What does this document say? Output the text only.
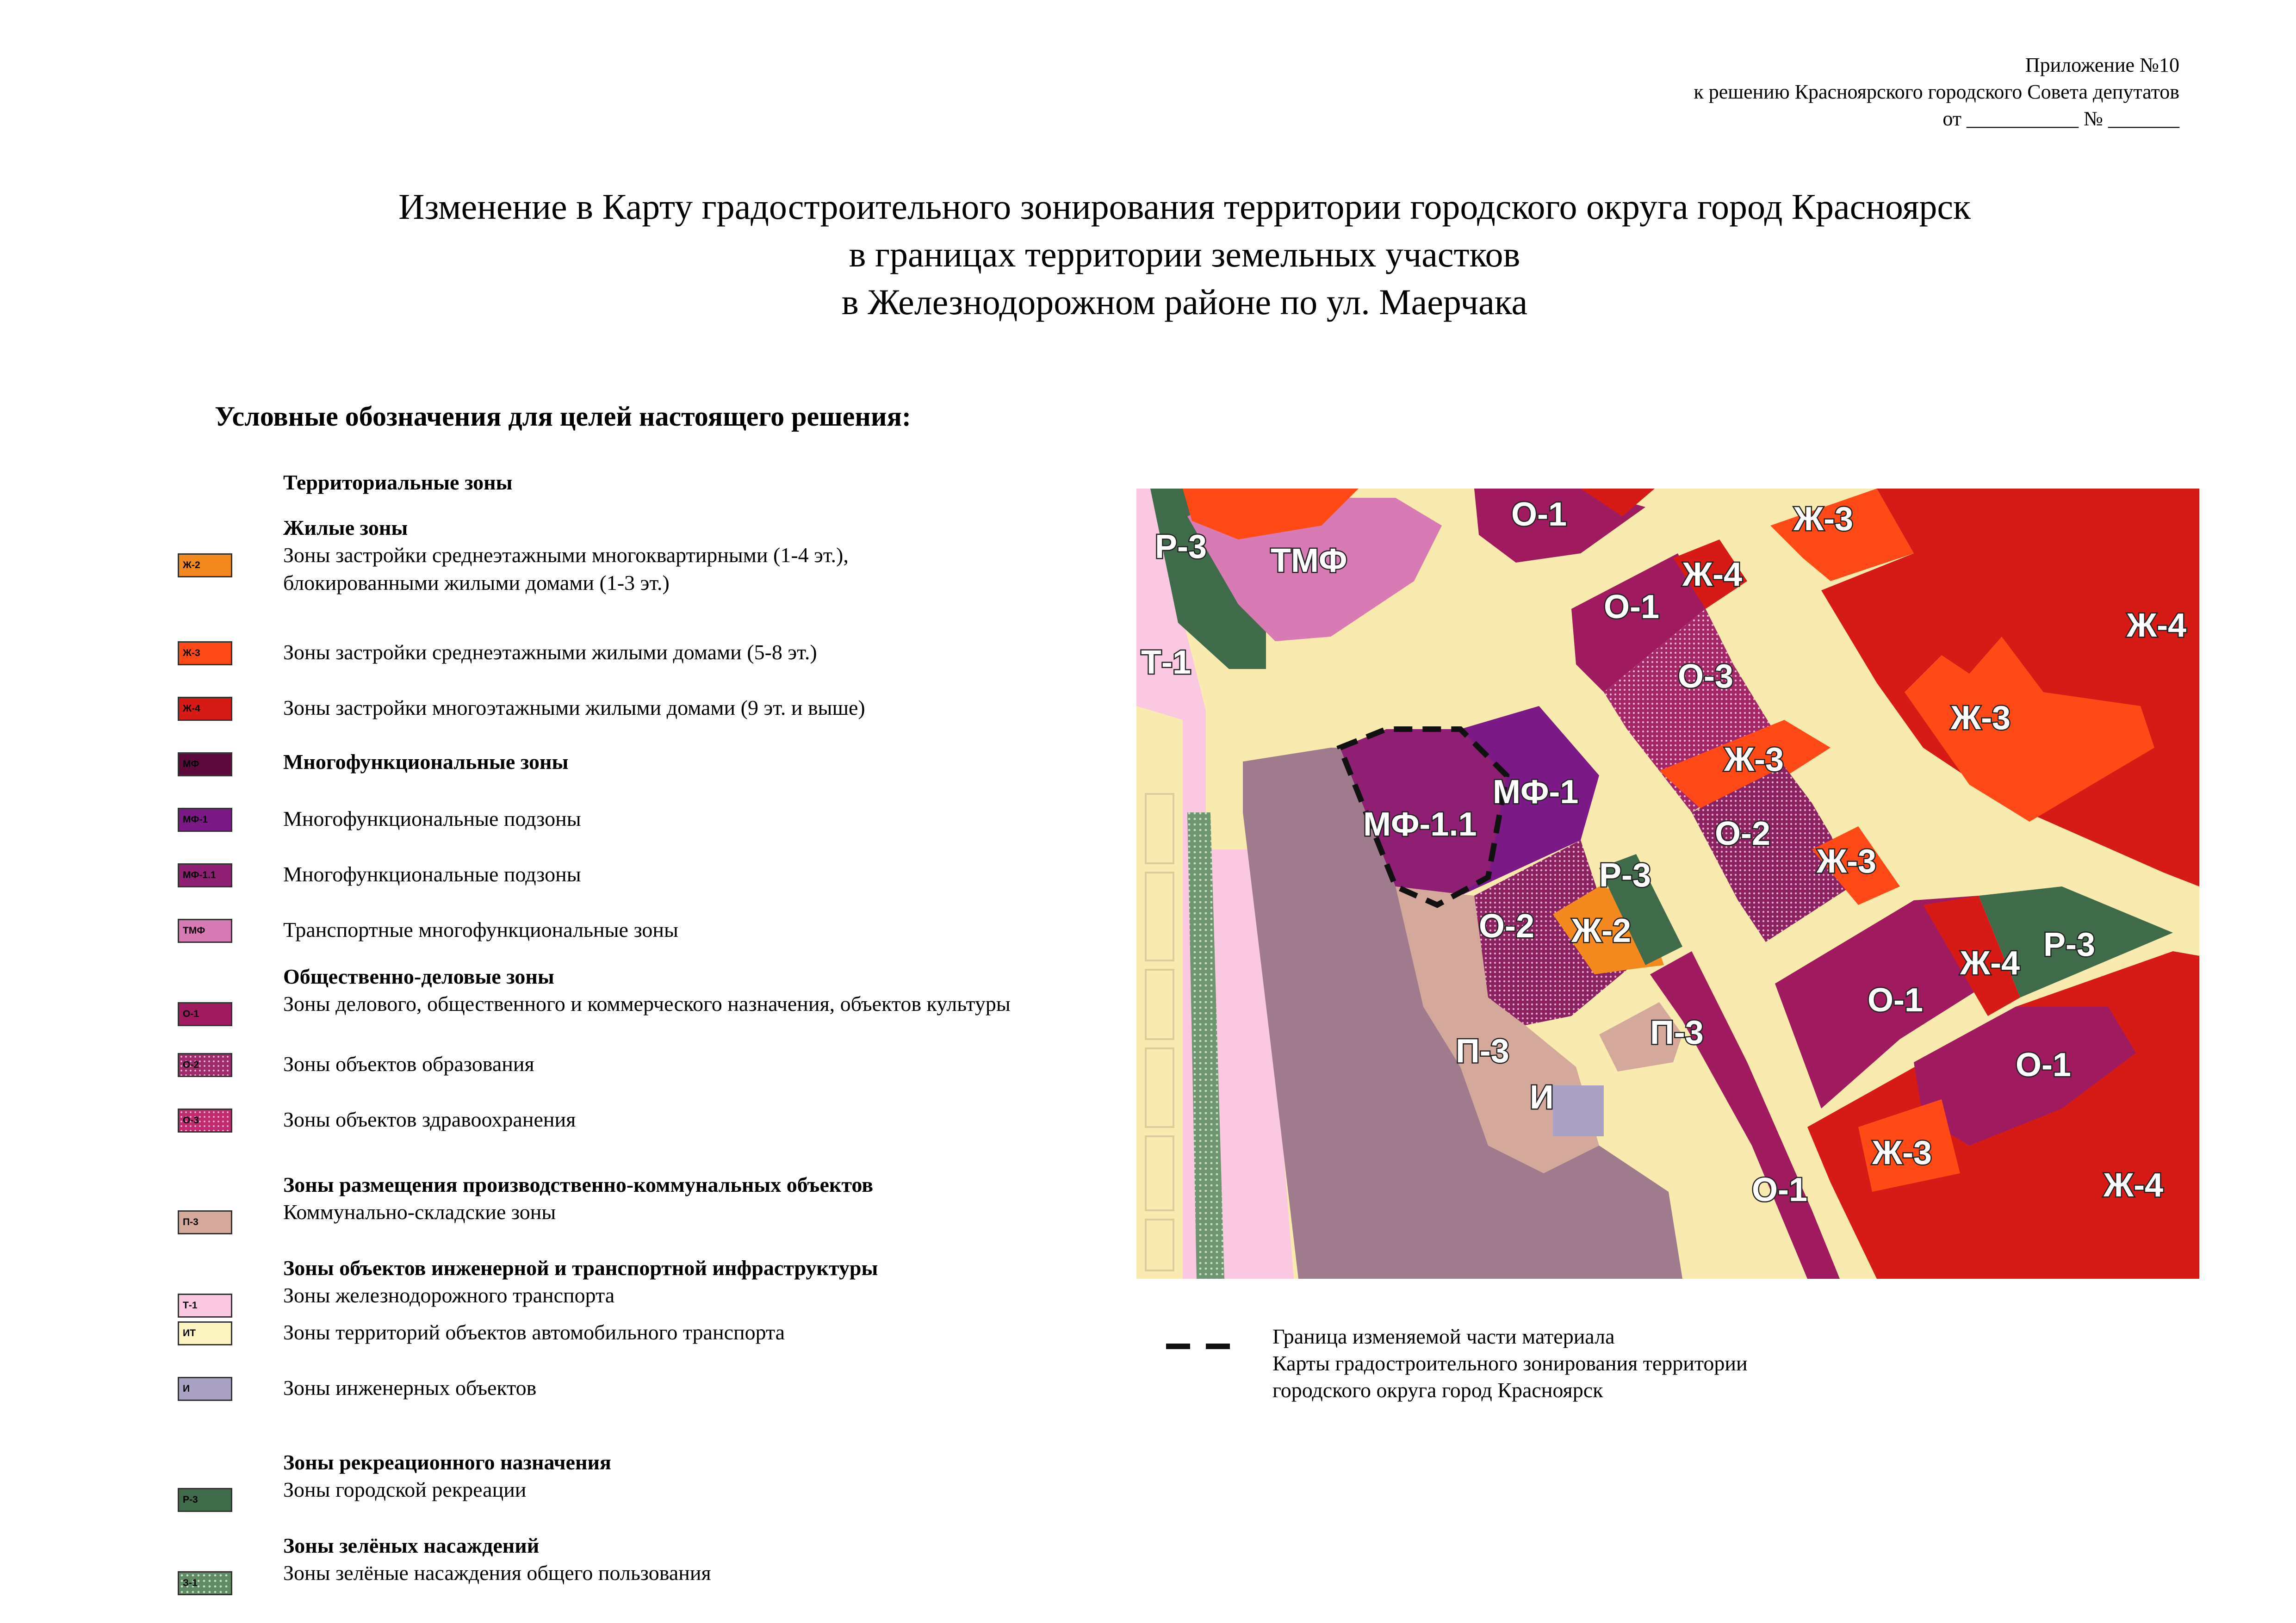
Приложение №10
к решению Красноярского городского Совета депутатов
от ___________ № _______
Изменение в Карту градостроительного зонирования территории городского округа город Красноярск
в границах территории земельных участков
в Железнодорожном районе по ул. Маерчака
Условные обозначения для целей настоящего решения:
Территориальные зоны
Жилые зоны
Ж-2	Зоны застройки среднеэтажными многоквартирными (1-4 эт.),
блокированными жилыми домами (1-3 эт.)
Ж-3	Зоны застройки среднеэтажными жилыми домами (5-8 эт.)
Ж-4	Зоны застройки многоэтажными жилыми домами (9 эт. и выше)
МФ	Многофункциональные зоны
МФ-1	Многофункциональные подзоны
МФ-1.1	Многофункциональные подзоны
ТМФ	Транспортные многофункциональные зоны
Общественно-деловые зоны
О-1	Зоны делового, общественного и коммерческого назначения, объектов культуры
О-2	Зоны объектов образования
О-3	Зоны объектов здравоохранения
Зоны размещения производственно-коммунальных объектов
П-3	Коммунально-складские зоны
Зоны объектов инженерной и транспортной инфраструктуры
Т-1	Зоны железнодорожного транспорта
ИТ	Зоны территорий объектов автомобильного транспорта
И	Зоны инженерных объектов
Зоны рекреационного назначения
Р-3	Зоны городской рекреации
Зоны зелёных насаждений
З-1	Зоны зелёные насаждения общего пользования
Р-3 ТМФ
Т-1
О-1	Ж-3
Ж-4
О-1
О-3
Ж-4
Ж-3
Ж-3
МФ-1
МФ-1.1	О-2
Ж-3
Р-3
О-2 Ж-2
Ж-4 Р-3
О-1
П-3	П-3
О-1
И
Ж-3
Ж-4
О-1
Граница изменяемой части материала
Карты градостроительного зонирования территории
городского округа город Красноярск
